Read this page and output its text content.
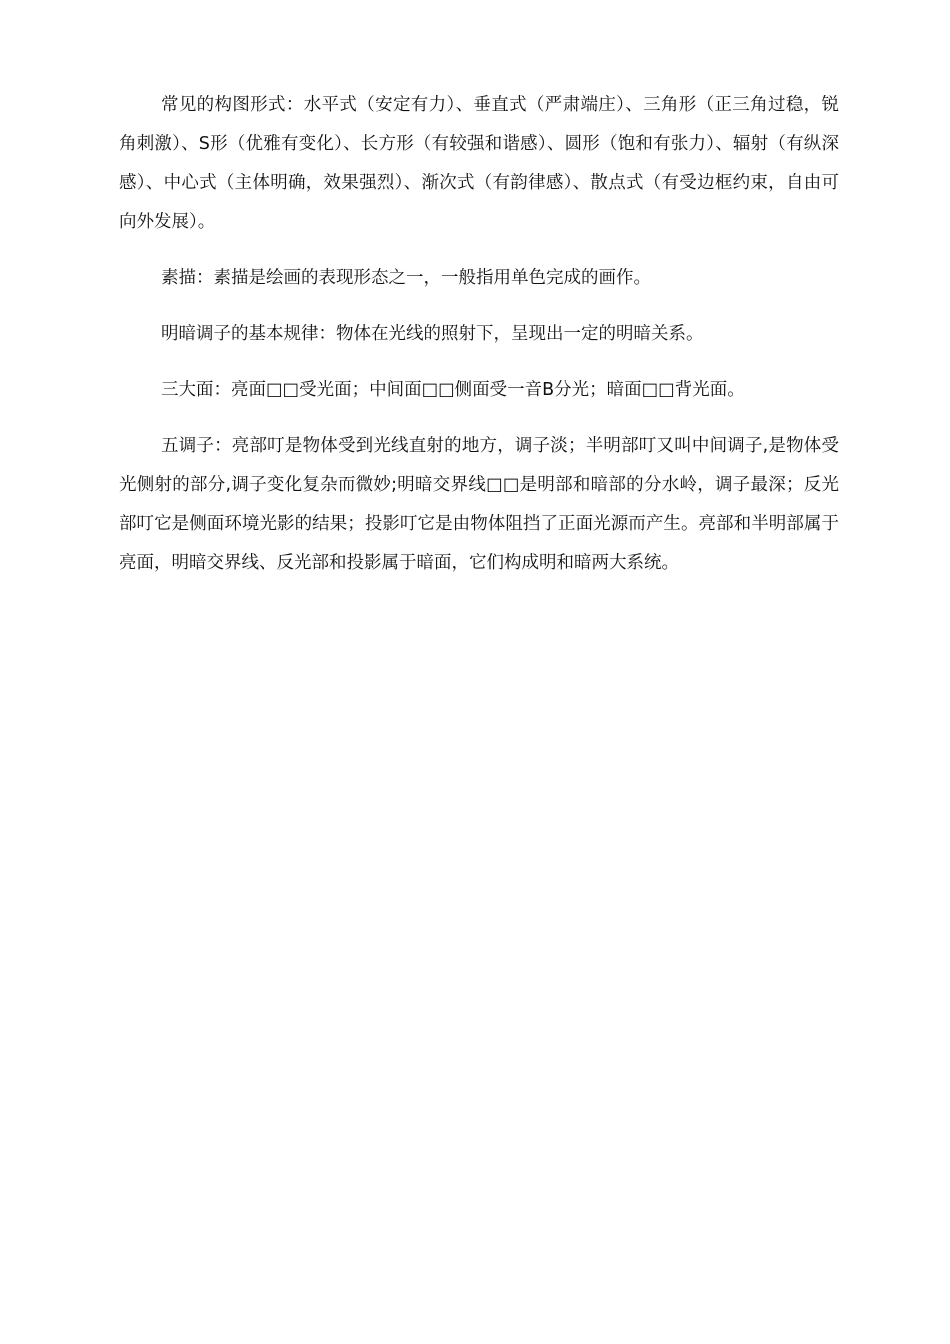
常见的构图形式：水平式（安定有力）、垂直式（严肃端庄）、三角形（正三角过稳，锐角刺激）、S形（优雅有变化）、长方形（有较强和谐感）、圆形（饱和有张力）、辐射（有纵深感）、中心式（主体明确，效果强烈）、渐次式（有韵律感）、散点式（有受边框约束，自由可向外发展）。

素描：素描是绘画的表现形态之一，一般指用单色完成的画作。

明暗调子的基本规律：物体在光线的照射下，呈现出一定的明暗关系。

三大面：亮面□□受光面；中间面□□侧面受一音B分光；暗面□□背光面。

五调子：亮部叮是物体受到光线直射的地方，调子淡；半明部叮又叫中间调子,是物体受光侧射的部分,调子变化复杂而微妙;明暗交界线□□是明部和暗部的分水岭，调子最深；反光部叮它是侧面环境光影的结果；投影叮它是由物体阻挡了正面光源而产生。亮部和半明部属于亮面，明暗交界线、反光部和投影属于暗面，它们构成明和暗两大系统。
